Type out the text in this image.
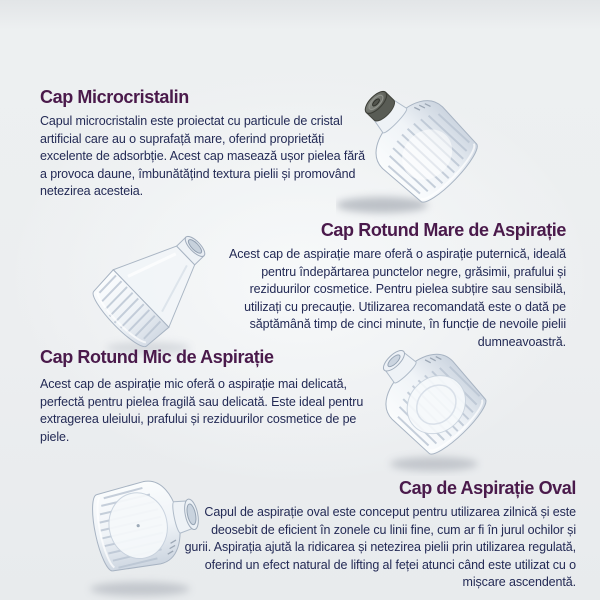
Cap Microcristalin

Capul microcristalin este proiectat cu particule de cristal artificial care au o suprafață mare, oferind proprietăți excelente de adsorbție. Acest cap masează ușor pielea fără a provoca daune, îmbunătățind textura pielii și promovând netezirea acesteia.

Cap Rotund Mare de Aspirație

Acest cap de aspirație mare oferă o aspirație puternică, ideală pentru îndepărtarea punctelor negre, grăsimii, prafului și reziduurilor cosmetice. Pentru pielea subțire sau sensibilă, utilizați cu precauție. Utilizarea recomandată este o dată pe săptămână timp de cinci minute, în funcție de nevoile pielii dumneavoastră.

Cap Rotund Mic de Aspirație

Acest cap de aspirație mic oferă o aspirație mai delicată, perfectă pentru pielea fragilă sau delicată. Este ideal pentru extragerea uleiului, prafului și reziduurilor cosmetice de pe piele.

Cap de Aspirație Oval

Capul de aspirație oval este conceput pentru utilizarea zilnică și este deosebit de eficient în zonele cu linii fine, cum ar fi în jurul ochilor și gurii. Aspirația ajută la ridicarea și netezirea pielii prin utilizarea regulată, oferind un efect natural de lifting al feței atunci când este utilizat cu o mișcare ascendentă.
